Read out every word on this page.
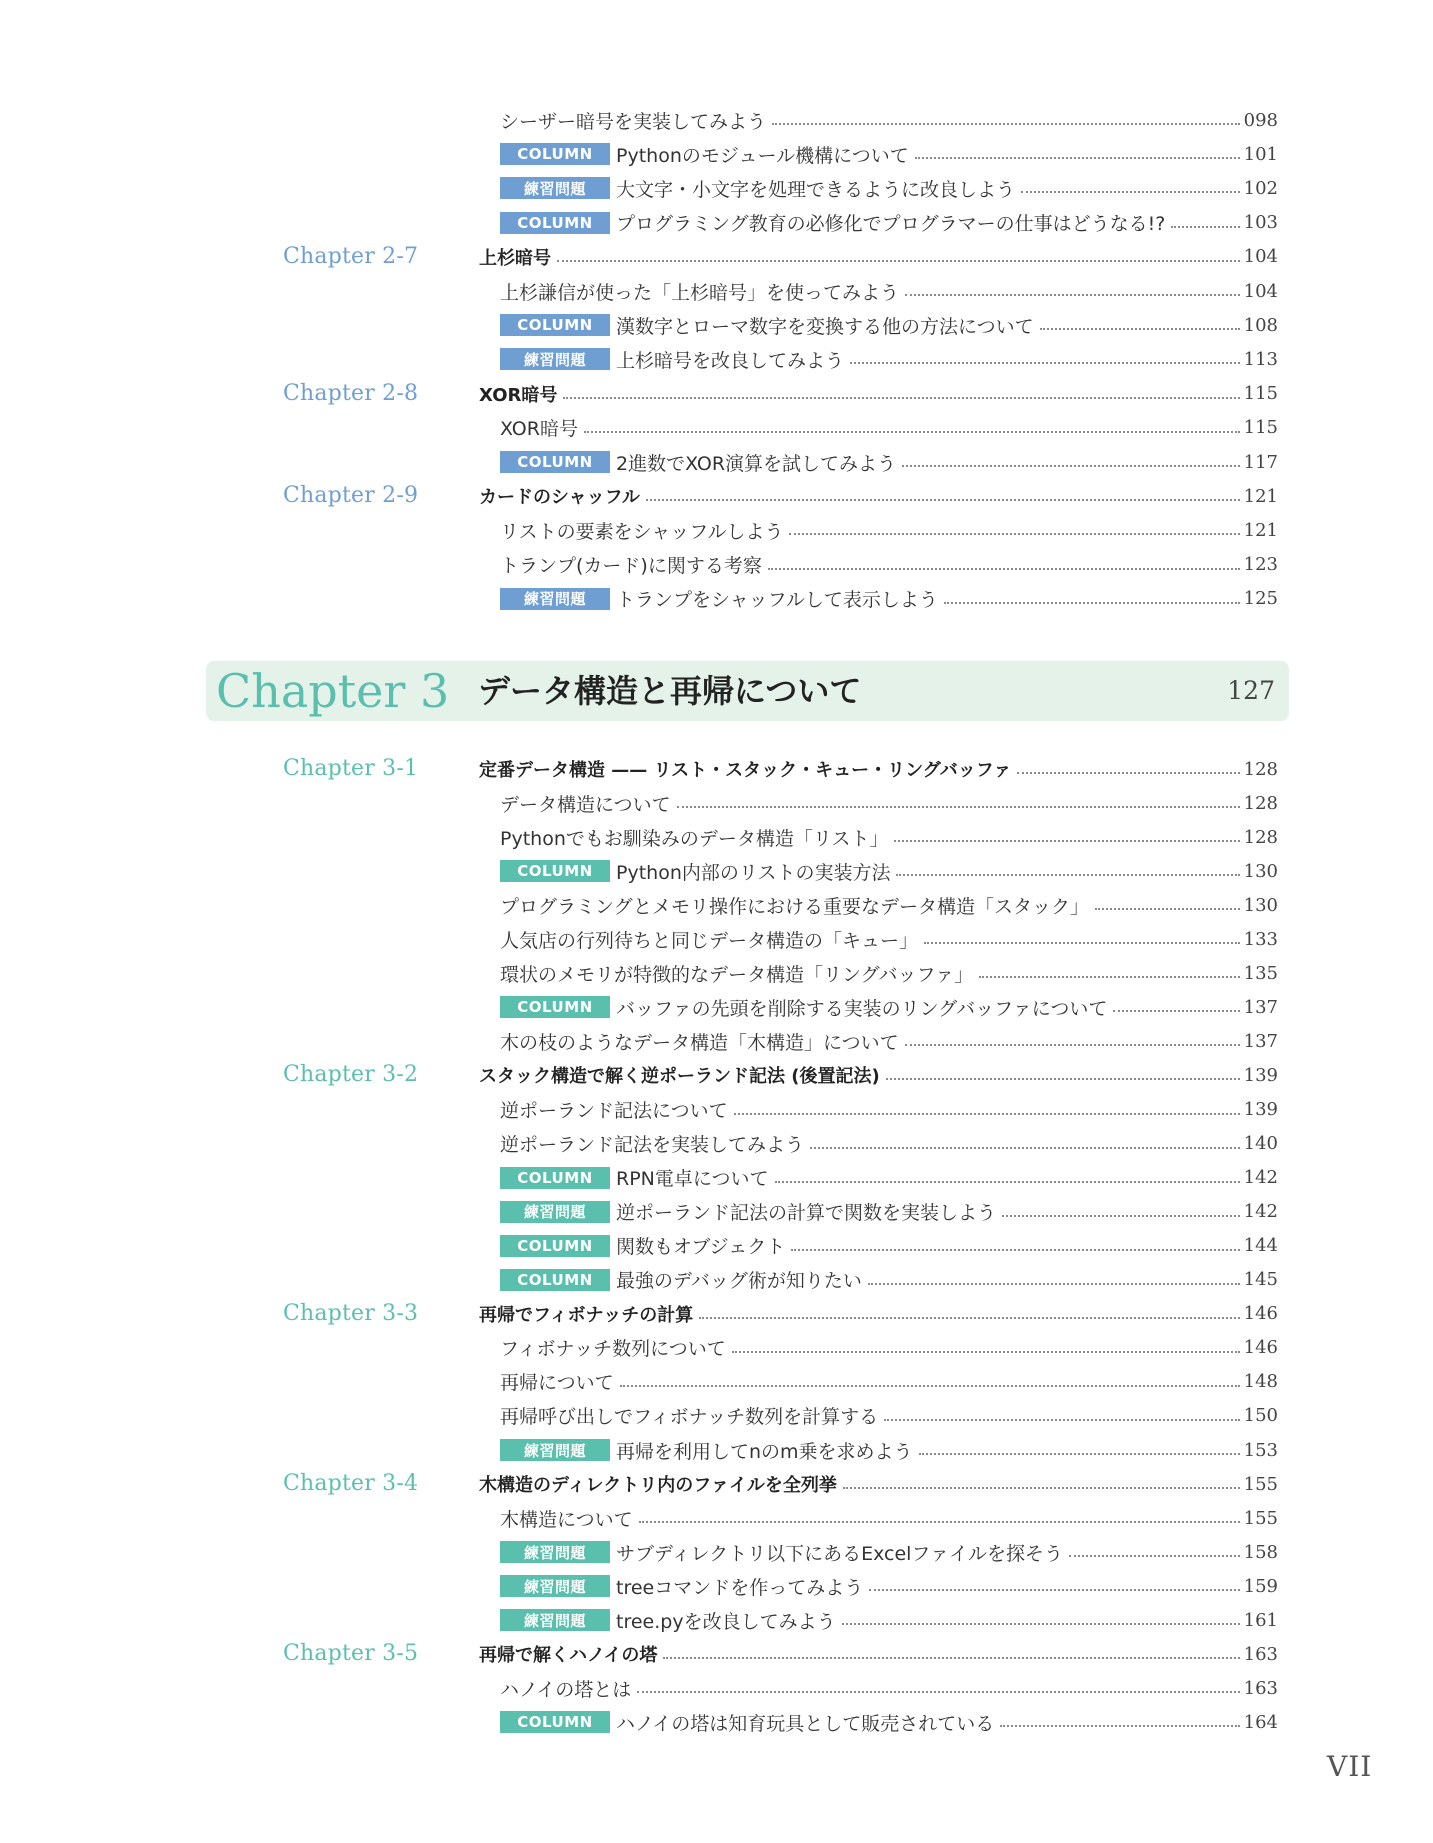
シーザー暗号を実装してみよう	098
COLUMN	Pythonのモジュール機構について	101
練習問題	大文字・小文字を処理できるように改良しよう	102
COLUMN	プログラミング教育の必修化でプログラマーの仕事はどうなる!?	103
Chapter 2-7	上杉暗号	104
上杉謙信が使った「上杉暗号」を使ってみよう	104
COLUMN	漢数字とローマ数字を変換する他の方法について	108
練習問題	上杉暗号を改良してみよう	113
Chapter 2-8	XOR暗号	115
XOR暗号	115
COLUMN	2進数でXOR演算を試してみよう	117
Chapter 2-9	カードのシャッフル	121
リストの要素をシャッフルしよう	121
トランプ(カード)に関する考察	123
練習問題	トランプをシャッフルして表示しよう	125
Chapter 3-1	定番データ構造 —— リスト・スタック・キュー・リングバッファ	128
データ構造について	128
Pythonでもお馴染みのデータ構造「リスト」	128
COLUMN	Python内部のリストの実装方法	130
プログラミングとメモリ操作における重要なデータ構造「スタック」	130
人気店の行列待ちと同じデータ構造の「キュー」	133
環状のメモリが特徴的なデータ構造「リングバッファ」	135
COLUMN	バッファの先頭を削除する実装のリングバッファについて	137
木の枝のようなデータ構造「木構造」について	137
Chapter 3-2	スタック構造で解く逆ポーランド記法 (後置記法)	139
逆ポーランド記法について	139
逆ポーランド記法を実装してみよう	140
COLUMN	RPN電卓について	142
練習問題	逆ポーランド記法の計算で関数を実装しよう	142
COLUMN	関数もオブジェクト	144
COLUMN	最強のデバッグ術が知りたい	145
Chapter 3-3	再帰でフィボナッチの計算	146
フィボナッチ数列について	146
再帰について	148
再帰呼び出しでフィボナッチ数列を計算する	150
練習問題	再帰を利用してnのm乗を求めよう	153
Chapter 3-4	木構造のディレクトリ内のファイルを全列挙	155
木構造について	155
練習問題	サブディレクトリ以下にあるExcelファイルを探そう	158
練習問題	treeコマンドを作ってみよう	159
練習問題	tree.pyを改良してみよう	161
Chapter 3-5	再帰で解くハノイの塔	163
ハノイの塔とは	163
COLUMN	ハノイの塔は知育玩具として販売されている	164
Chapter 3 データ構造と再帰について	127
VII
